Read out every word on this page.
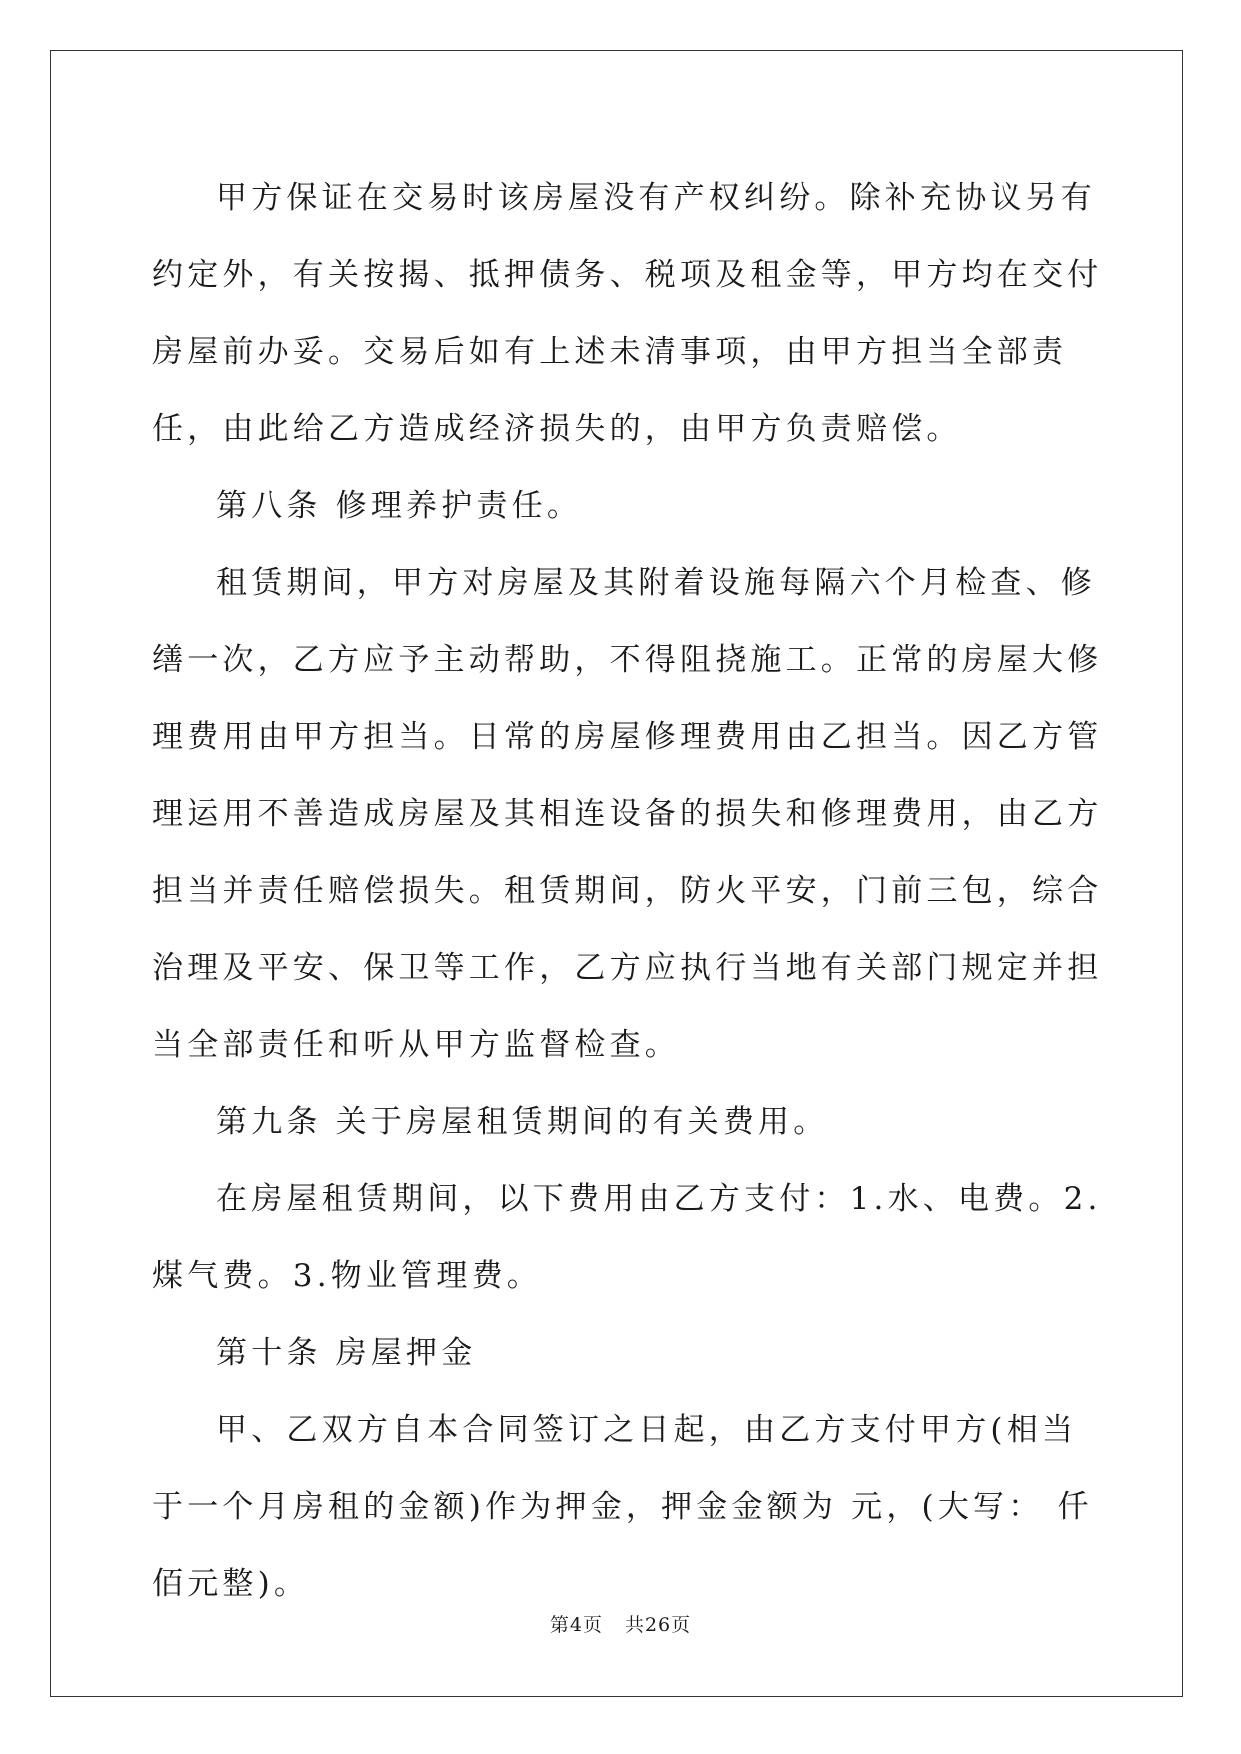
甲方保证在交易时该房屋没有产权纠纷。除补充协议另有约定外，有关按揭、抵押债务、税项及租金等，甲方均在交付房屋前办妥。交易后如有上述未清事项，由甲方担当全部责任，由此给乙方造成经济损失的，由甲方负责赔偿。

第八条 修理养护责任。

租赁期间，甲方对房屋及其附着设施每隔六个月检查、修缮一次，乙方应予主动帮助，不得阻挠施工。正常的房屋大修理费用由甲方担当。日常的房屋修理费用由乙担当。因乙方管理运用不善造成房屋及其相连设备的损失和修理费用，由乙方担当并责任赔偿损失。租赁期间，防火平安，门前三包，综合治理及平安、保卫等工作，乙方应执行当地有关部门规定并担当全部责任和听从甲方监督检查。

第九条 关于房屋租赁期间的有关费用。

在房屋租赁期间，以下费用由乙方支付：1.水、电费。2.煤气费。3.物业管理费。

第十条 房屋押金

甲、乙双方自本合同签订之日起，由乙方支付甲方(相当于一个月房租的金额)作为押金，押金金额为 元，(大写： 仟 佰元整)。

第4页 共26页
